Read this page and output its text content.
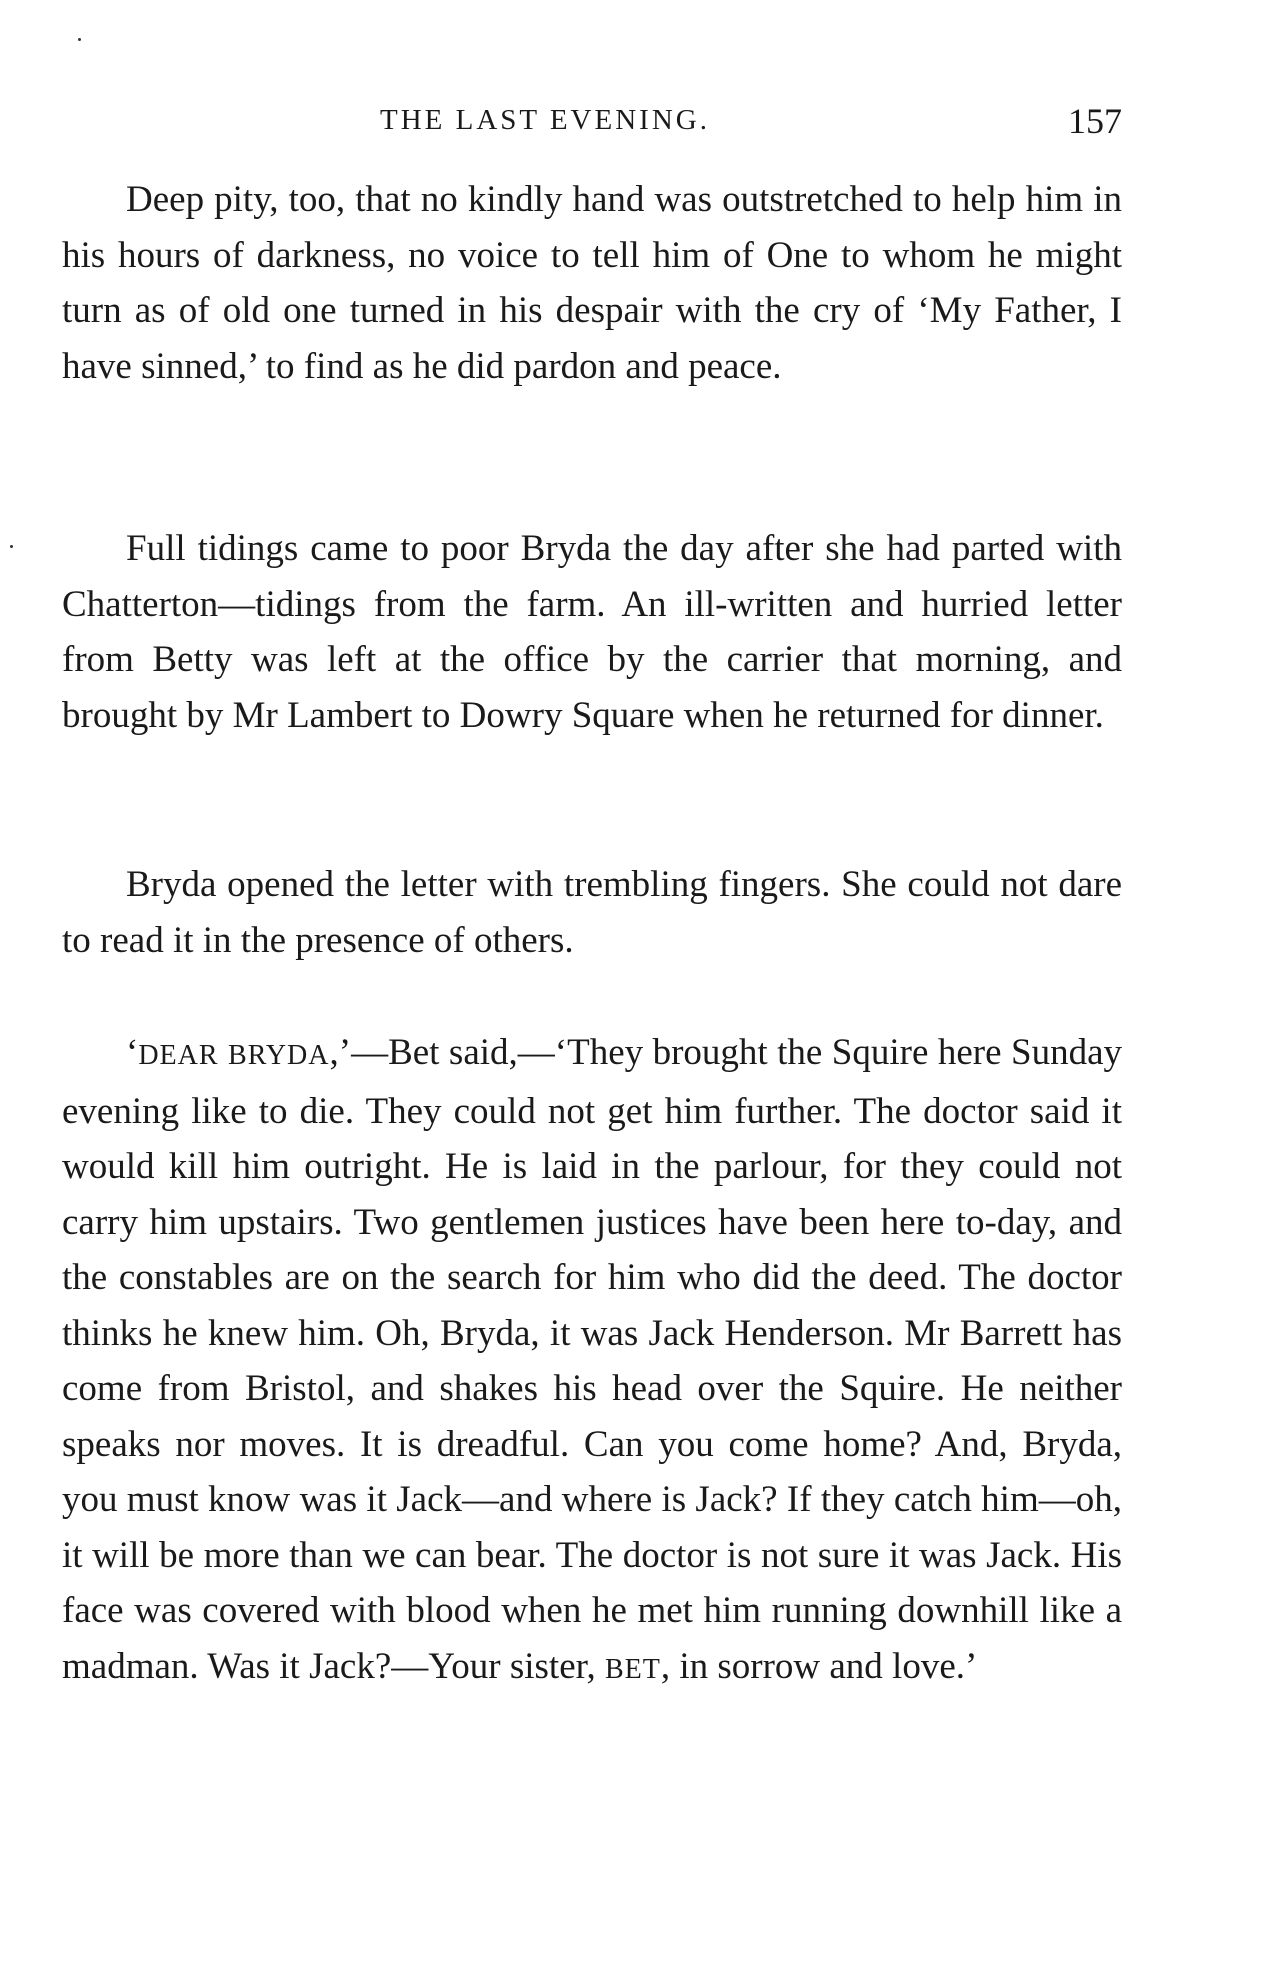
THE LAST EVENING.	157

Deep pity, too, that no kindly hand was outstretched to help him in his hours of darkness, no voice to tell him of One to whom he might turn as of old one turned in his despair with the cry of ‘My Father, I have sinned,’ to find as he did pardon and peace.

Full tidings came to poor Bryda the day after she had parted with Chatterton—tidings from the farm. An ill-written and hurried letter from Betty was left at the office by the carrier that morning, and brought by Mr Lambert to Dowry Square when he returned for dinner.

Bryda opened the letter with trembling fingers. She could not dare to read it in the presence of others.

‘DEAR BRYDA,’—Bet said,—‘They brought the Squire here Sunday evening like to die. They could not get him further. The doctor said it would kill him outright. He is laid in the parlour, for they could not carry him upstairs. Two gentlemen justices have been here to-day, and the constables are on the search for him who did the deed. The doctor thinks he knew him. Oh, Bryda, it was Jack Henderson. Mr Barrett has come from Bristol, and shakes his head over the Squire. He neither speaks nor moves. It is dreadful. Can you come home? And, Bryda, you must know was it Jack—and where is Jack? If they catch him—oh, it will be more than we can bear. The doctor is not sure it was Jack. His face was covered with blood when he met him running downhill like a madman. Was it Jack?—Your sister, BET, in sorrow and love.’
